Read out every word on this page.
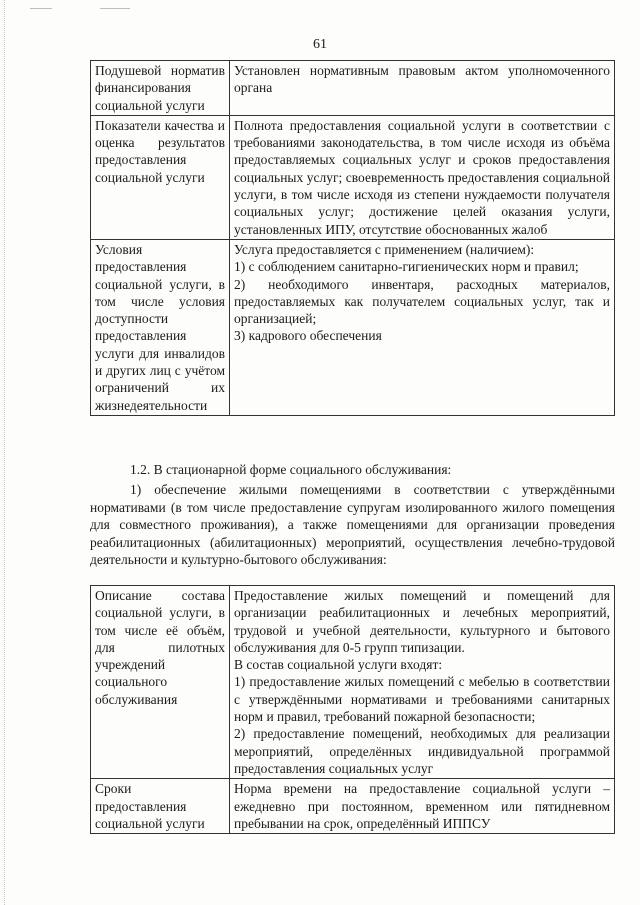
61
Подушевой норматив финансирования социальной услуги	Установлен нормативным правовым актом уполномоченного органа

Показатели качества и оценка результатов предоставления социальной услуги	Полнота предоставления социальной услуги в соответствии с требованиями законодательства, в том числе исходя из объёма предоставляемых социальных услуг и сроков предоставления социальных услуг; своевременность предоставления социальной услуги, в том числе исходя из степени нуждаемости получателя социальных услуг; достижение целей оказания услуги, установленных ИПУ, отсутствие обоснованных жалоб

Условия предоставления социальной услуги, в том числе условия доступности предоставления услуги для инвалидов и других лиц с учётом ограничений их жизнедеятельности	Услуга предоставляется с применением (наличием):
1) с соблюдением санитарно-гигиенических норм и правил;
2) необходимого инвентаря, расходных материалов, предоставляемых как получателем социальных услуг, так и организацией;
3) кадрового обеспечения
1.2. В стационарной форме социального обслуживания:
1) обеспечение жилыми помещениями в соответствии с утверждёнными нормативами (в том числе предоставление супругам изолированного жилого помещения для совместного проживания), а также помещениями для организации проведения реабилитационных (абилитационных) мероприятий, осуществления лечебно-трудовой деятельности и культурно-бытового обслуживания:
Описание состава социальной услуги, в том числе её объём, для пилотных учреждений социального обслуживания	Предоставление жилых помещений и помещений для организации реабилитационных и лечебных мероприятий, трудовой и учебной деятельности, культурного и бытового обслуживания для 0-5 групп типизации.
В состав социальной услуги входят:
1) предоставление жилых помещений с мебелью в соответствии с утверждёнными нормативами и требованиями санитарных норм и правил, требований пожарной безопасности;
2) предоставление помещений, необходимых для реализации мероприятий, определённых индивидуальной программой предоставления социальных услуг

Сроки предоставления социальной услуги	Норма времени на предоставление социальной услуги – ежедневно при постоянном, временном или пятидневном пребывании на срок, определённый ИППСУ
